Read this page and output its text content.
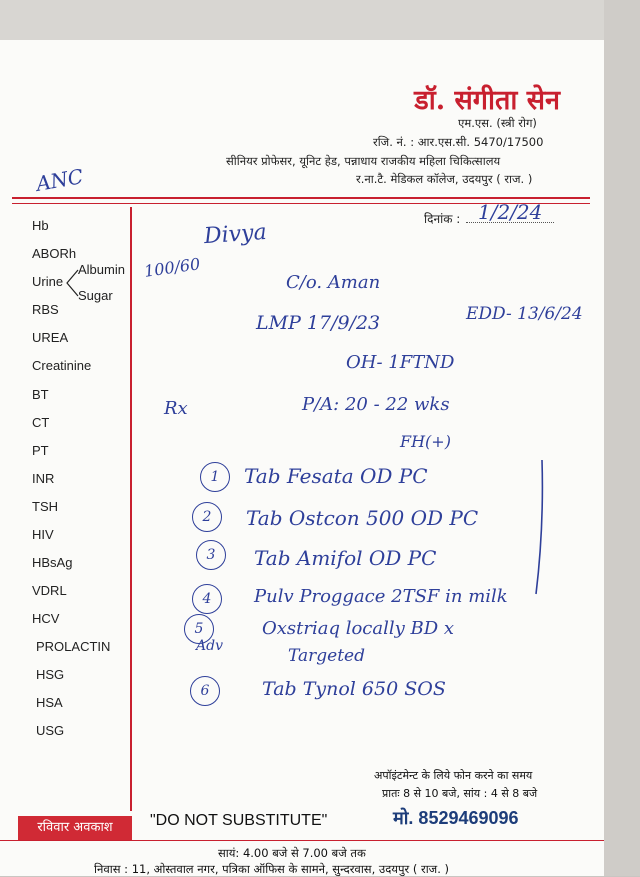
डॉ. संगीता सेन
एम.एस. (स्त्री रोग)
रजि. नं. : आर.एस.सी. 5470/17500
सीनियर प्रोफेसर, यूनिट हेड, पन्नाधाय राजकीय महिला चिकित्सालय
र.ना.टै. मेडिकल कॉलेज, उदयपुर ( राज. )
ANC
दिनांक : 1/2/24
Hb
ABORh
Urine
Albumin
Sugar
RBS
UREA
Creatinine
BT
CT
PT
INR
TSH
HIV
HBsAg
VDRL
HCV
PROLACTIN
HSG
HSA
USG
100/60
Divya
C/o. Aman
LMP 17/9/23	EDD- 13/6/24
OH- 1FTND
Rx	P/A: 20 - 22 wks
FH(+)
1	Tab Fesata OD PC
2	Tab Ostcon 500 OD PC
3	Tab Amifol OD PC
4	Pulv Proggace 2TSF in milk
5	Oxstriaq locally BD x
Adv	Targeted
6	Tab Tynol 650 SOS
अपॉइंटमेन्ट के लिये फोन करने का समय
प्रातः 8 से 10 बजे, सांय : 4 से 8 बजे
रविवार अवकाश	"DO NOT SUBSTITUTE"	मो. 8529469096
सायं: 4.00 बजे से 7.00 बजे तक
निवास : 11, ओस्तवाल नगर, पत्रिका ऑफिस के सामने, सुन्दरवास, उदयपुर ( राज. )
